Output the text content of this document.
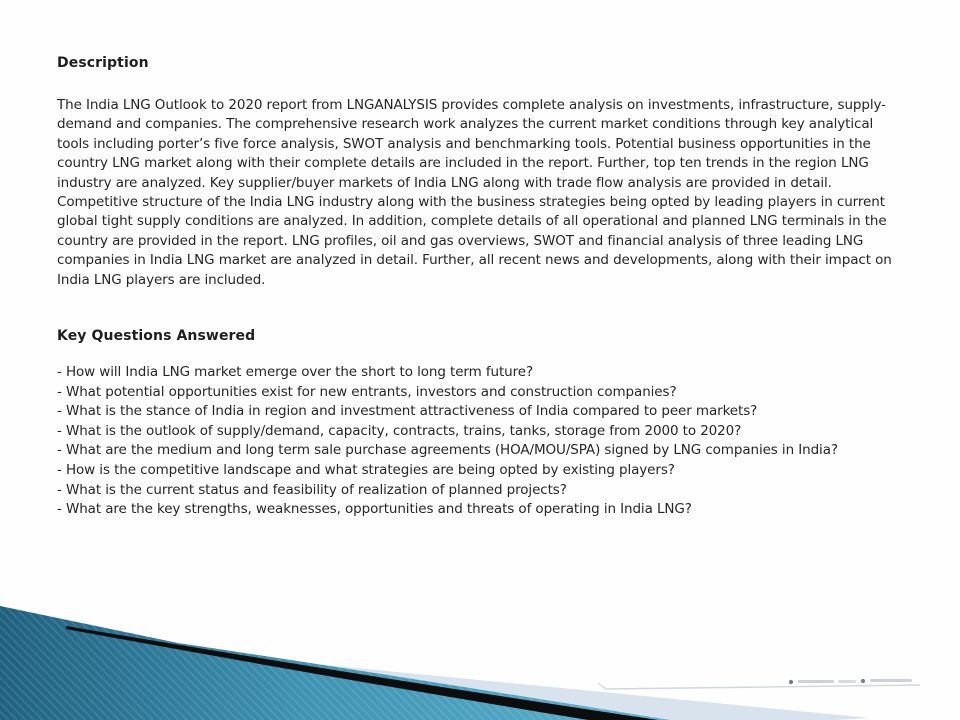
Description
The India LNG Outlook to 2020 report from LNGANALYSIS provides complete analysis on investments, infrastructure, supply-
demand and companies. The comprehensive research work analyzes the current market conditions through key analytical
tools including porter’s five force analysis, SWOT analysis and benchmarking tools. Potential business opportunities in the
country LNG market along with their complete details are included in the report. Further, top ten trends in the region LNG
industry are analyzed. Key supplier/buyer markets of India LNG along with trade flow analysis are provided in detail.
Competitive structure of the India LNG industry along with the business strategies being opted by leading players in current
global tight supply conditions are analyzed. In addition, complete details of all operational and planned LNG terminals in the
country are provided in the report. LNG profiles, oil and gas overviews, SWOT and financial analysis of three leading LNG
companies in India LNG market are analyzed in detail. Further, all recent news and developments, along with their impact on
India LNG players are included.
Key Questions Answered
- How will India LNG market emerge over the short to long term future?
- What potential opportunities exist for new entrants, investors and construction companies?
- What is the stance of India in region and investment attractiveness of India compared to peer markets?
- What is the outlook of supply/demand, capacity, contracts, trains, tanks, storage from 2000 to 2020?
- What are the medium and long term sale purchase agreements (HOA/MOU/SPA) signed by LNG companies in India?
- How is the competitive landscape and what strategies are being opted by existing players?
- What is the current status and feasibility of realization of planned projects?
- What are the key strengths, weaknesses, opportunities and threats of operating in India LNG?
